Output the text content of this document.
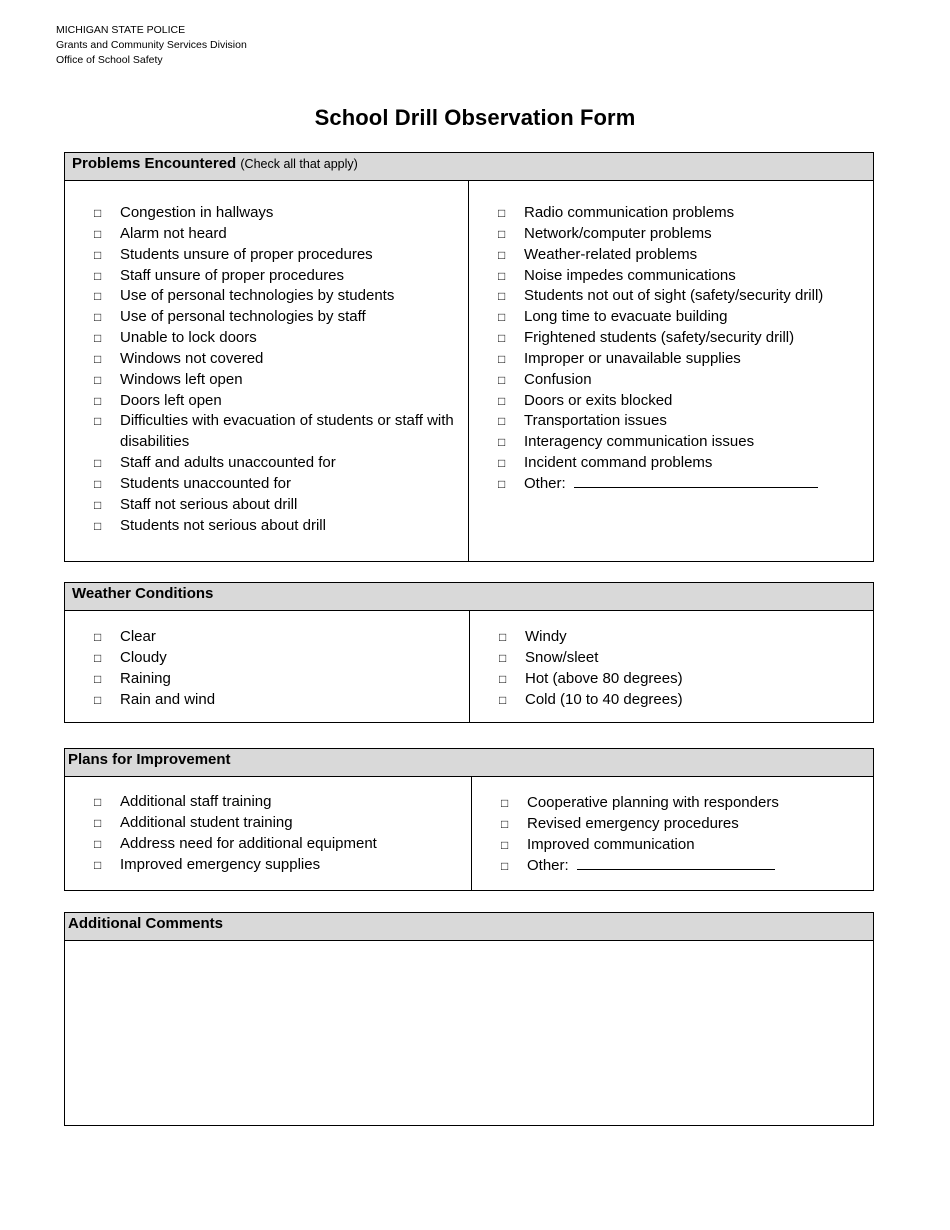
MICHIGAN STATE POLICE
Grants and Community Services Division
Office of School Safety
School Drill Observation Form
Problems Encountered (Check all that apply)
□ Congestion in hallways
□ Alarm not heard
□ Students unsure of proper procedures
□ Staff unsure of proper procedures
□ Use of personal technologies by students
□ Use of personal technologies by staff
□ Unable to lock doors
□ Windows not covered
□ Windows left open
□ Doors left open
□ Difficulties with evacuation of students or staff with disabilities
□ Staff and adults unaccounted for
□ Students unaccounted for
□ Staff not serious about drill
□ Students not serious about drill
□ Radio communication problems
□ Network/computer problems
□ Weather-related problems
□ Noise impedes communications
□ Students not out of sight (safety/security drill)
□ Long time to evacuate building
□ Frightened students (safety/security drill)
□ Improper or unavailable supplies
□ Confusion
□ Doors or exits blocked
□ Transportation issues
□ Interagency communication issues
□ Incident command problems
□ Other:
Weather Conditions
□ Clear
□ Cloudy
□ Raining
□ Rain and wind
□ Windy
□ Snow/sleet
□ Hot (above 80 degrees)
□ Cold (10 to 40 degrees)
Plans for Improvement
□ Additional staff training
□ Additional student training
□ Address need for additional equipment
□ Improved emergency supplies
□ Cooperative planning with responders
□ Revised emergency procedures
□ Improved communication
□ Other:
Additional Comments
